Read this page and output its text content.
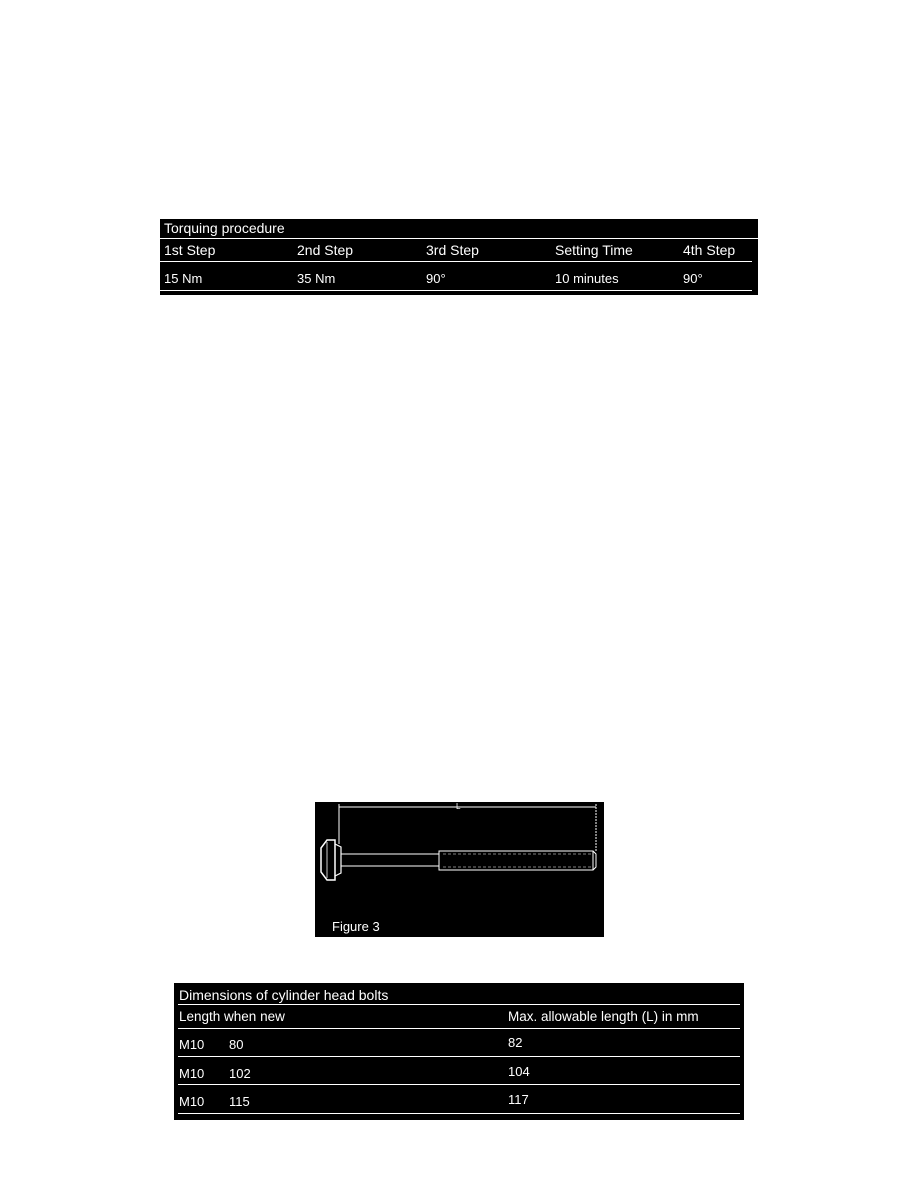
Torquing procedure
1st Step	2nd Step	3rd Step	Setting Time	4th Step
15 Nm	35 Nm	90°	10 minutes	90°
L
Figure 3
Dimensions of cylinder head bolts
Length when new	Max. allowable length (L) in mm
M10 80	82
M10 102	104
M10 115	117
